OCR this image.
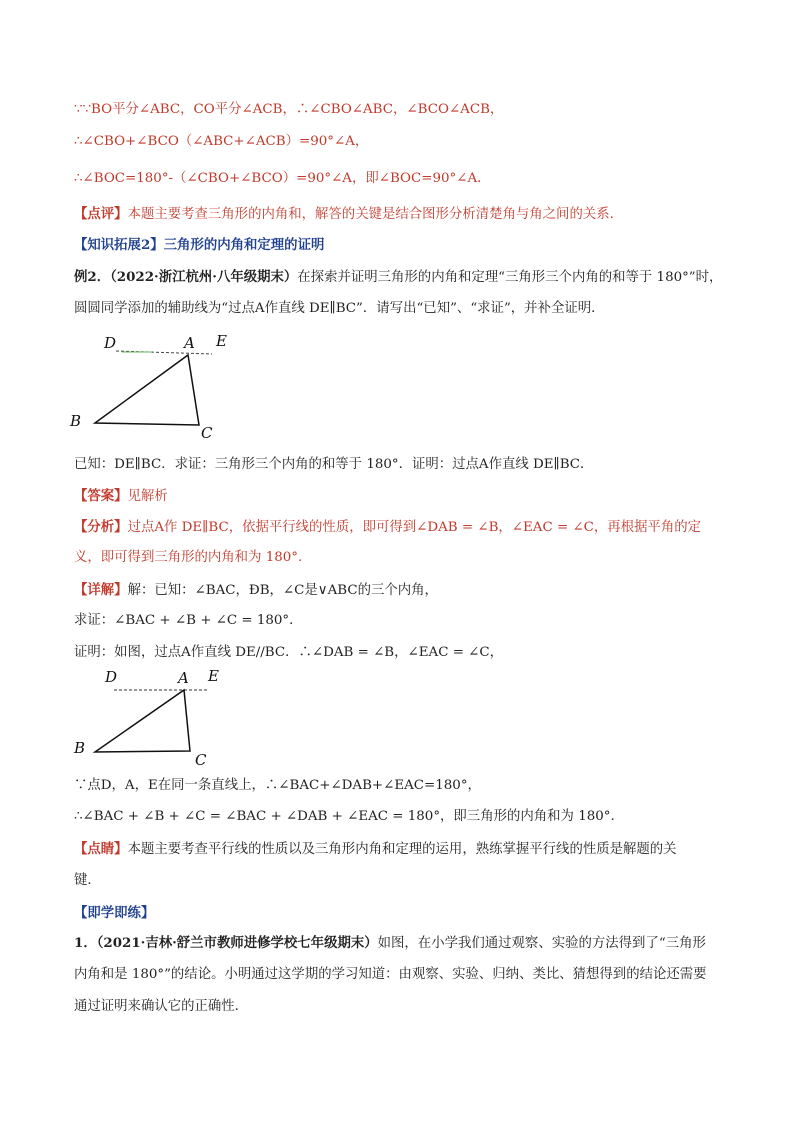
∵∵BO平分∠ABC，CO平分∠ACB，∴∠CBO∠ABC，∠BCO∠ACB，
∴∠CBO+∠BCO（∠ABC+∠ACB）=90°∠A，
∴∠BOC=180°-（∠CBO+∠BCO）=90°∠A，即∠BOC=90°∠A．
【点评】本题主要考查三角形的内角和，解答的关键是结合图形分析清楚角与角之间的关系．
【知识拓展2】三角形的内角和定理的证明
例2．（2022·浙江杭州·八年级期末）在探索并证明三角形的内角和定理“三角形三个内角的和等于 180°”时，
圆圆同学添加的辅助线为“过点A作直线 DE∥BC”．请写出“已知”、“求证”，并补全证明．
D	A E
B
C
已知：DE∥BC．求证：三角形三个内角的和等于 180°．证明：过点A作直线 DE∥BC．
【答案】见解析
【分析】过点A作 DE∥BC，依据平行线的性质，即可得到∠DAB = ∠B，∠EAC = ∠C，再根据平角的定
义，即可得到三角形的内角和为 180°.
【详解】解：已知：∠BAC，ÐB，∠C是∨ABC的三个内角，
求证：∠BAC + ∠B + ∠C = 180°．
证明：如图，过点A作直线 DE//BC．∴∠DAB = ∠B，∠EAC = ∠C，
D	A E
B
C
∵点D，A，E在同一条直线上，∴∠BAC+∠DAB+∠EAC=180°，
∴∠BAC + ∠B + ∠C = ∠BAC + ∠DAB + ∠EAC = 180°，即三角形的内角和为 180°.
【点睛】本题主要考查平行线的性质以及三角形内角和定理的运用，熟练掌握平行线的性质是解题的关
键．
【即学即练】
1．（2021·吉林·舒兰市教师进修学校七年级期末）如图，在小学我们通过观察、实验的方法得到了“三角形
内角和是 180°”的结论。小明通过这学期的学习知道：由观察、实验、归纳、类比、猜想得到的结论还需要
通过证明来确认它的正确性．
